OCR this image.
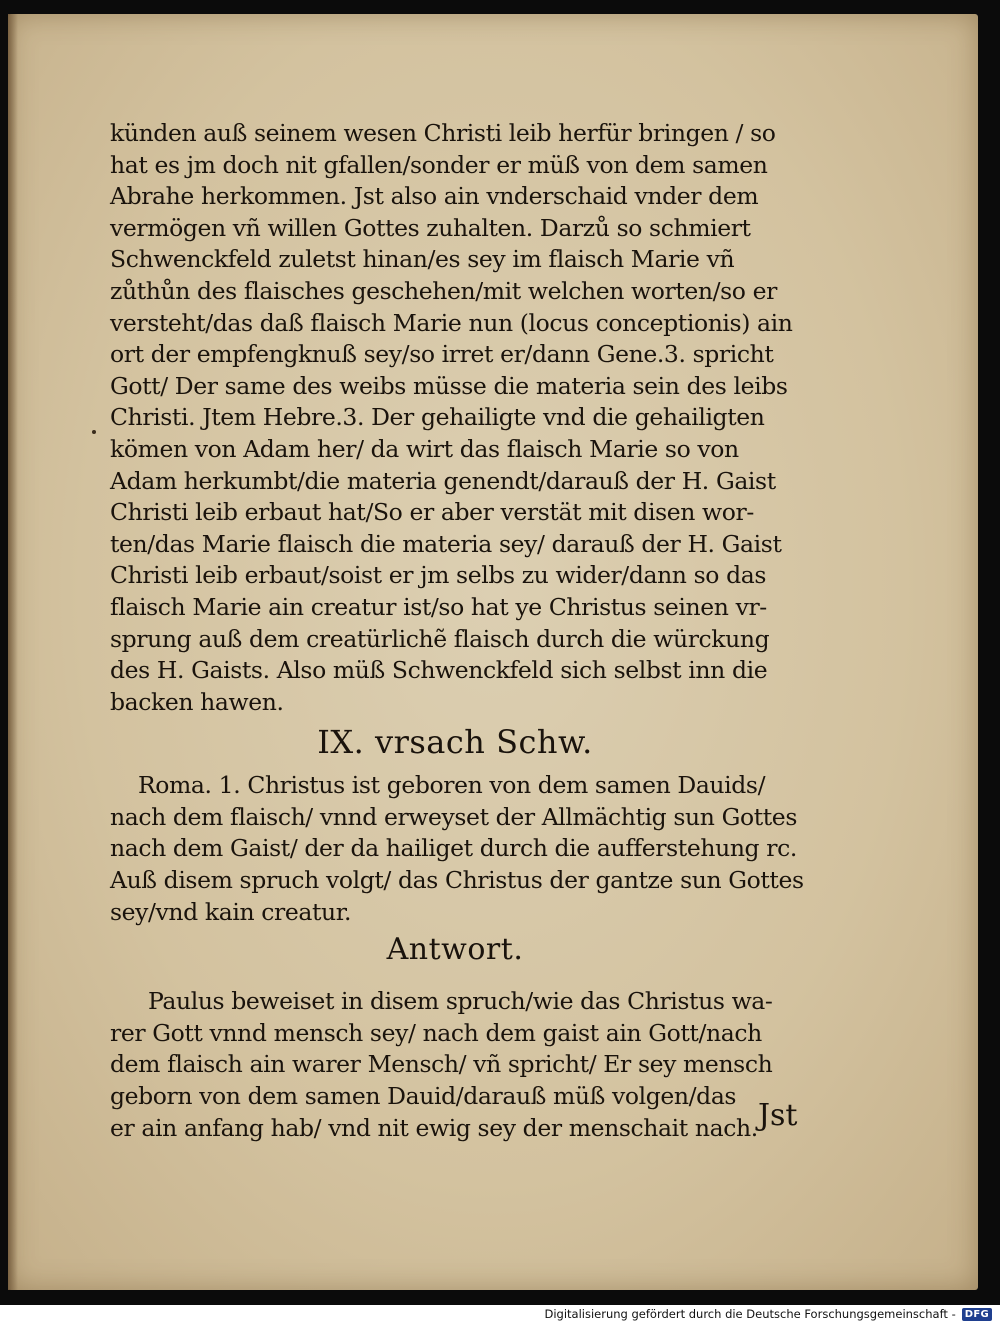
künden auß seinem wesen Christi leib herfür bringen / so
hat es jm doch nit gfallen/sonder er müß von dem samen
Abrahe herkommen. Jst also ain vnderschaid vnder dem
vermögen vñ willen Gottes zuhalten. Darzů so schmiert
Schwenckfeld zuletst hinan/es sey im flaisch Marie vñ
zůthůn des flaisches geschehen/mit welchen worten/so er
versteht/das daß flaisch Marie nun (locus conceptionis) ain
ort der empfengknuß sey/so irret er/dann Gene.3. spricht
Gott/ Der same des weibs müsse die materia sein des leibs
Christi. Jtem Hebre.3. Der gehailigte vnd die gehailigten
kömen von Adam her/ da wirt das flaisch Marie so von
Adam herkumbt/die materia genendt/darauß der H. Gaist
Christi leib erbaut hat/So er aber verstät mit disen wor-
ten/das Marie flaisch die materia sey/ darauß der H. Gaist
Christi leib erbaut/soist er jm selbs zu wider/dann so das
flaisch Marie ain creatur ist/so hat ye Christus seinen vr-
sprung auß dem creatürlichẽ flaisch durch die würckung
des H. Gaists. Also müß Schwenckfeld sich selbst inn die
backen hawen.
IX. vrsach Schw.
Roma. 1. Christus ist geboren von dem samen Dauids/
nach dem flaisch/ vnnd erweyset der Allmächtig sun Gottes
nach dem Gaist/ der da hailiget durch die aufferstehung rc.
Auß disem spruch volgt/ das Christus der gantze sun Gottes
sey/vnd kain creatur.
Antwort.
Paulus beweiset in disem spruch/wie das Christus wa-
rer Gott vnnd mensch sey/ nach dem gaist ain Gott/nach
dem flaisch ain warer Mensch/ vñ spricht/ Er sey mensch
geborn von dem samen Dauid/darauß müß volgen/das
er ain anfang hab/ vnd nit ewig sey der menschait nach. Jst
Digitalisierung gefördert durch die Deutsche Forschungsgemeinschaft - DFG
